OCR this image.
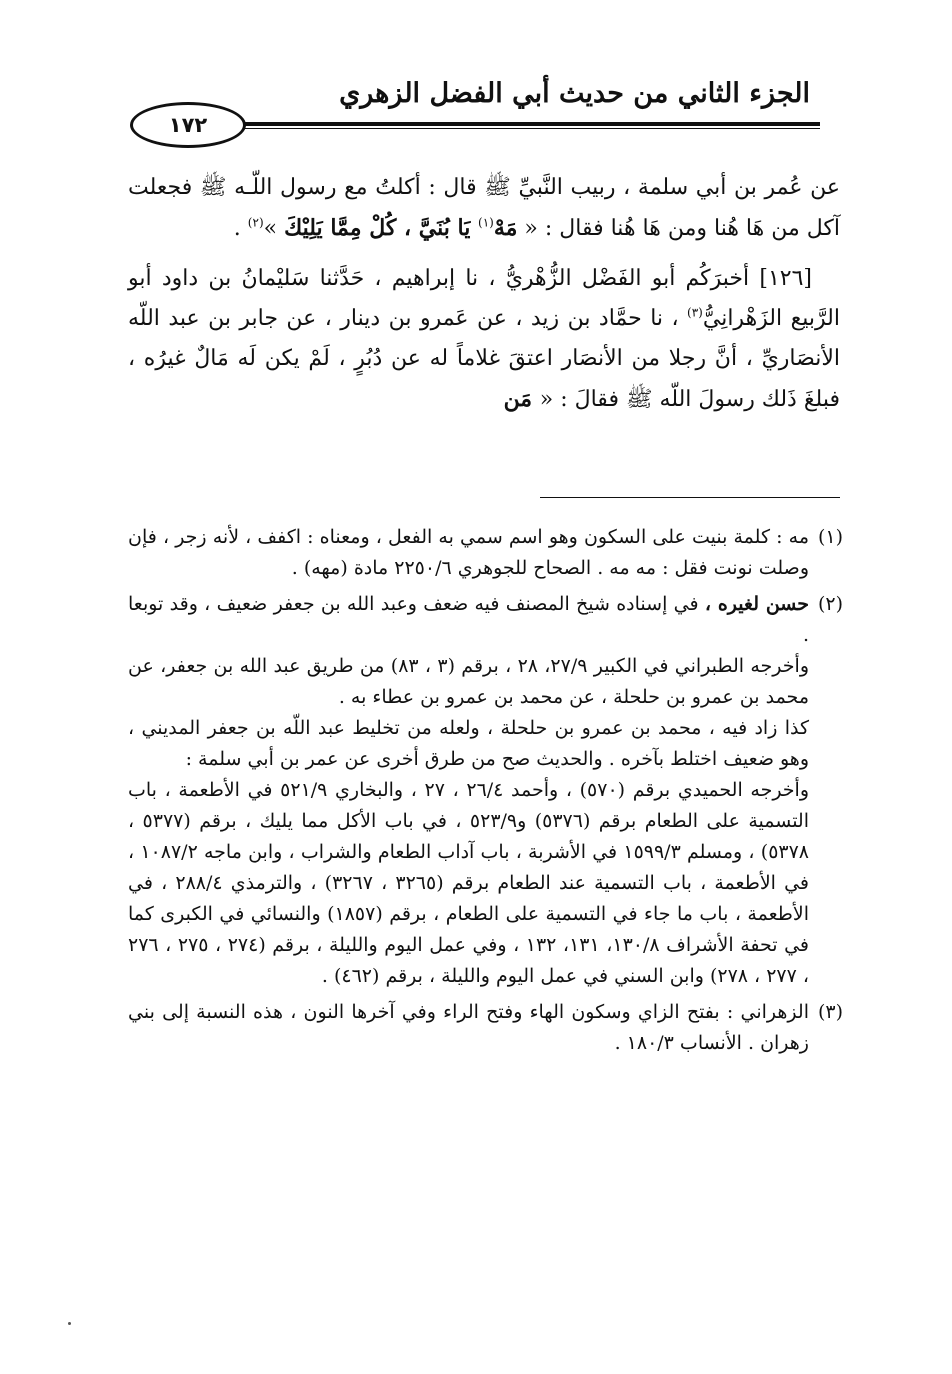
الجزء الثاني من حديث أبي الفضل الزهري
١٧٢

عن عُمر بن أبي سلمة ، ربيب النَّبيِّ ﷺ قال : أكلتُ مع رسول اللّـه ﷺ فجعلت آكل من هَا هُنا ومن هَا هُنا فقال : « مَهْ$^{(١)}$ يَا بُنَيَّ ، كُلْ مِمَّا يَلِيْكَ »$^{(٢)}$ .

[١٢٦] أخبرَكُم أبو الفَضْل الزُّهْريُّ ، نا إبراهيم ، حَدَّثنا سَليْمانُ بن داود أبو الرَّبيع الزَهْرانِيُّ$^{(٣)}$ ، نا حمَّاد بن زيد ، عن عَمرو بن دينار ، عن جابر بن عبد اللّه الأنصَاريِّ ، أنَّ رجلا من الأنصَار اعتقَ غلاماً له عن دُبُرٍ ، لَمْ يكن لَه مَالٌ غيرُه ، فبلغَ ذَلك رسولَ اللّه ﷺ فقالَ : « مَن

(١)

مه : كلمة بنيت على السكون وهو اسم سمي به الفعل ، ومعناه : اكفف ، لأنه زجر ، فإن وصلت نونت فقل : مه مه . الصحاح للجوهري ٢٢٥٠/٦ مادة (مهه) .

(٢)

حسن لغيره ، في إسناده شيخ المصنف فيه ضعف وعبد الله بن جعفر ضعيف ، وقد توبعا .

وأخرجه الطبراني في الكبير ٢٧/٩، ٢٨ ، برقم (٣ ، ٨٣) من طريق عبد الله بن جعفر، عن محمد بن عمرو بن حلحلة ، عن محمد بن عمرو بن عطاء به .

كذا زاد فيه ، محمد بن عمرو بن حلحلة ، ولعله من تخليط عبد اللّه بن جعفر المديني ، وهو ضعيف اختلط بآخره . والحديث صح من طرق أخرى عن عمر بن أبي سلمة :

وأخرجه الحميدي برقم (٥٧٠) ، وأحمد ٢٦/٤ ، ٢٧ ، والبخاري ٥٢١/٩ في الأطعمة ، باب التسمية على الطعام برقم (٥٣٧٦) و٥٢٣/٩ ، في باب الأكل مما يليك ، برقم (٥٣٧٧ ، ٥٣٧٨) ، ومسلم ١٥٩٩/٣ في الأشربة ، باب آداب الطعام والشراب ، وابن ماجه ١٠٨٧/٢ ، في الأطعمة ، باب التسمية عند الطعام برقم (٣٢٦٥ ، ٣٢٦٧) ، والترمذي ٢٨٨/٤ ، في الأطعمة ، باب ما جاء في التسمية على الطعام ، برقم (١٨٥٧) والنسائي في الكبرى كما في تحفة الأشراف ١٣٠/٨، ١٣١، ١٣٢ ، وفي عمل اليوم والليلة ، برقم (٢٧٤ ، ٢٧٥ ، ٢٧٦ ، ٢٧٧ ، ٢٧٨) وابن السني في عمل اليوم والليلة ، برقم (٤٦٢) .

(٣)

الزهراني : بفتح الزاي وسكون الهاء وفتح الراء وفي آخرها النون ، هذه النسبة إلى بني زهران . الأنساب ١٨٠/٣ .
